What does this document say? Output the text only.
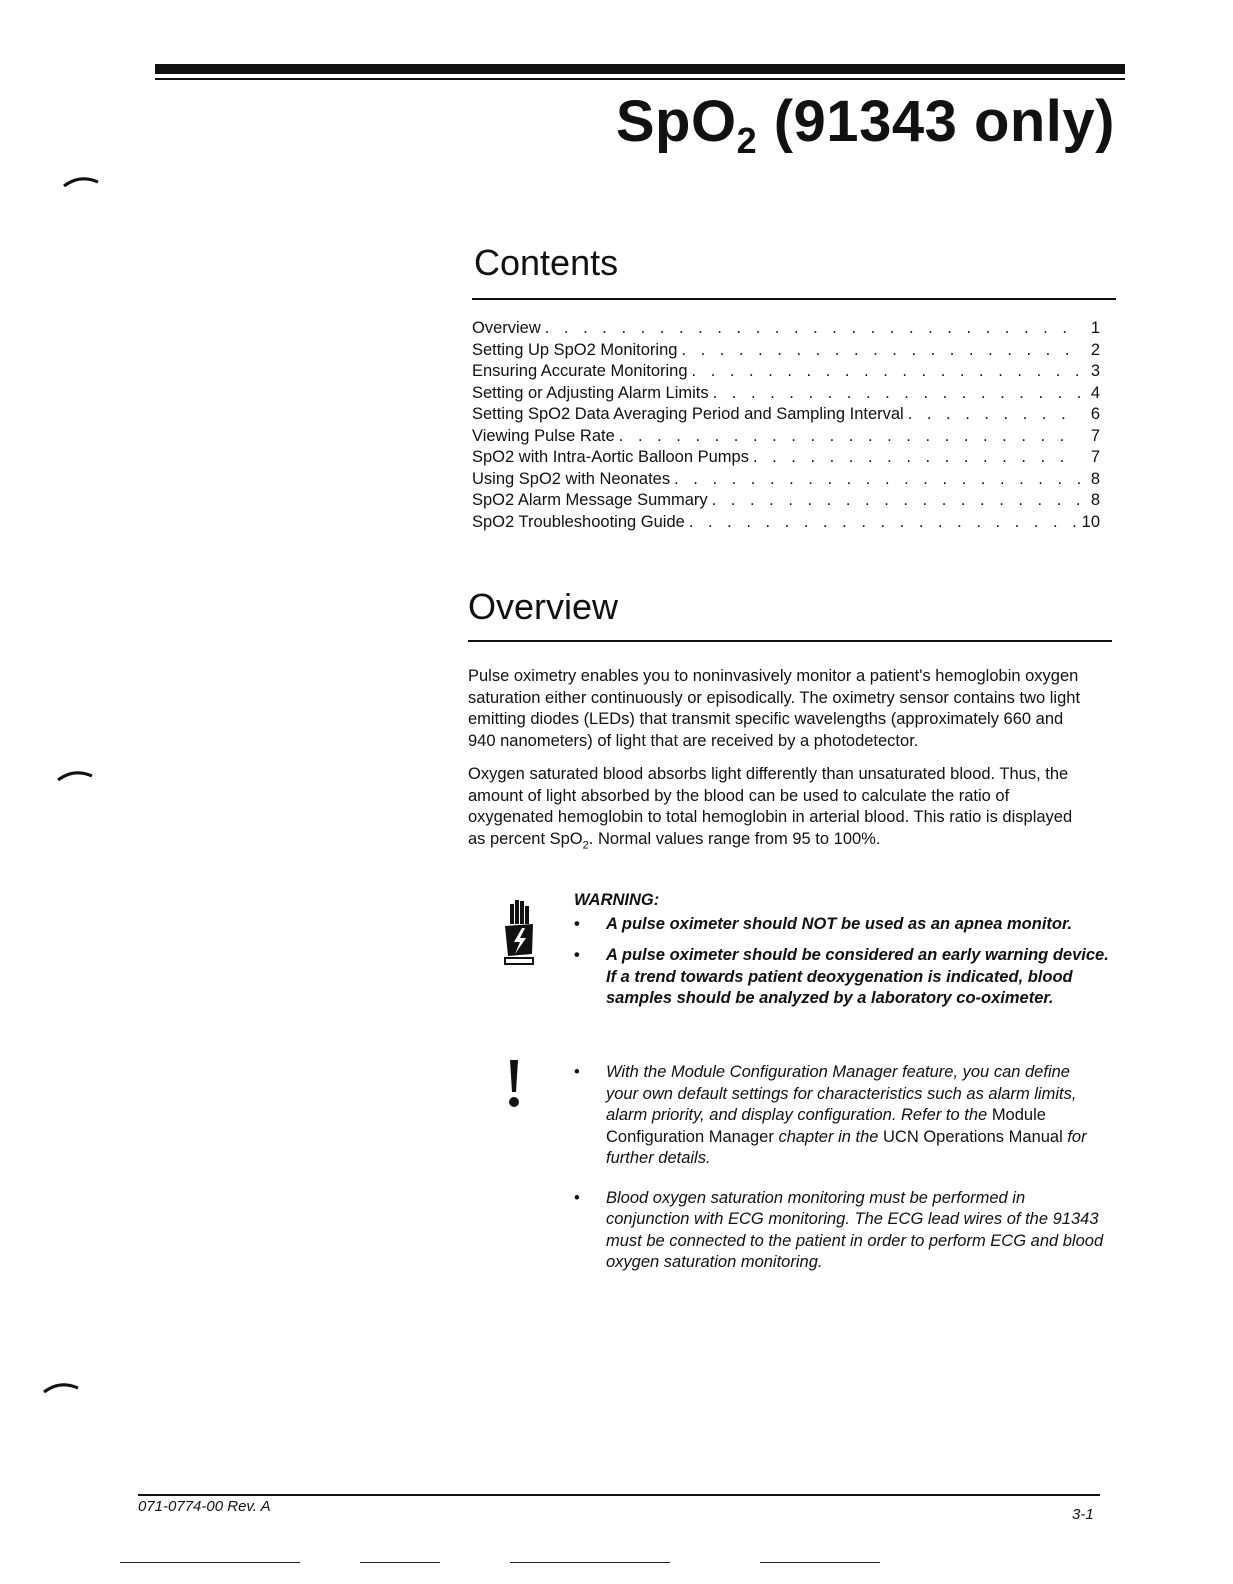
SpO$_2$ (91343 only)
Contents
Overview . . .	1
Setting Up SpO2 Monitoring . . .	2
Ensuring Accurate Monitoring . . .	3
Setting or Adjusting Alarm Limits . . .	4
Setting SpO2 Data Averaging Period and Sampling Interval . . .	6
Viewing Pulse Rate . . .	7
SpO2 with Intra-Aortic Balloon Pumps . . .	7
Using SpO2 with Neonates . . .	8
SpO2 Alarm Message Summary . . .	8
SpO2 Troubleshooting Guide . . .	10
Overview

Pulse oximetry enables you to noninvasively monitor a patient's hemoglobin oxygen saturation either continuously or episodically. The oximetry sensor contains two light emitting diodes (LEDs) that transmit specific wavelengths (approximately 660 and 940 nanometers) of light that are received by a photodetector.

Oxygen saturated blood absorbs light differently than unsaturated blood. Thus, the amount of light absorbed by the blood can be used to calculate the ratio of oxygenated hemoglobin to total hemoglobin in arterial blood. This ratio is displayed as percent SpO$_2$. Normal values range from 95 to 100%.

WARNING:
•	A pulse oximeter should NOT be used as an apnea monitor.
•	A pulse oximeter should be considered an early warning device. If a trend towards patient deoxygenation is indicated, blood samples should be analyzed by a laboratory co-oximeter.
•	With the Module Configuration Manager feature, you can define your own default settings for characteristics such as alarm limits, alarm priority, and display configuration. Refer to the Module Configuration Manager chapter in the UCN Operations Manual for further details.
•	Blood oxygen saturation monitoring must be performed in conjunction with ECG monitoring. The ECG lead wires of the 91343 must be connected to the patient in order to perform ECG and blood oxygen saturation monitoring.
071-0774-00 Rev. A	3-1
